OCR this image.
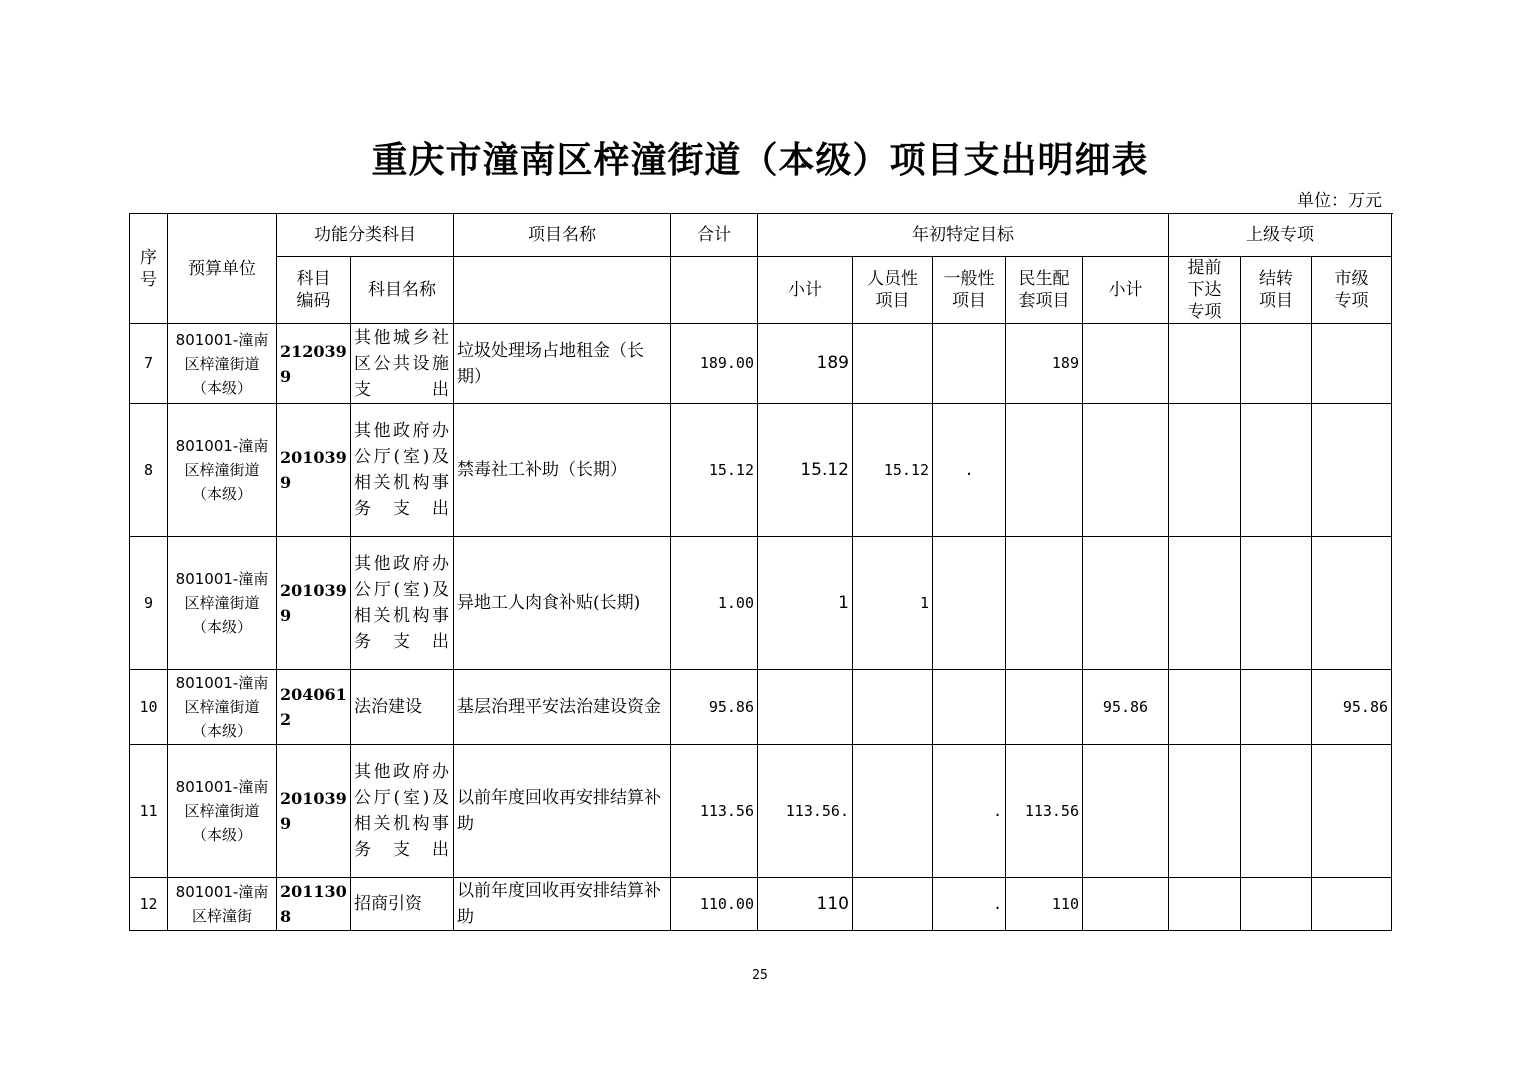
重庆市潼南区梓潼街道（本级）项目支出明细表
单位：万元
序号	预算单位	功能分类科目		项目名称	合计	年初特定目标					上级专项		
		科目编码	科目名称			小计	人员性项目	一般性项目	民生配套项目	小计	提前下达专项	结转项目	市级专项
7	801001-潼南区梓潼街道（本级）	2120399	其他城乡社区公共设施支出	垃圾处理场占地租金（长期）	189.00	189			189				
8	801001-潼南区梓潼街道（本级）	2010399	其他政府办公厅(室)及相关机构事务支出	禁毒社工补助（长期）	15.12	15.12	15.12	.					
9	801001-潼南区梓潼街道（本级）	2010399	其他政府办公厅(室)及相关机构事务支出	异地工人肉食补贴(长期)	1.00	1	1						
10	801001-潼南区梓潼街道（本级）	2040612	法治建设	基层治理平安法治建设资金	95.86					95.86			95.86
11	801001-潼南区梓潼街道（本级）	2010399	其他政府办公厅(室)及相关机构事务支出	以前年度回收再安排结算补助	113.56	113.56.		.	113.56				
12	801001-潼南区梓潼街	2011308	招商引资	以前年度回收再安排结算补助	110.00	110		.	110				
25
